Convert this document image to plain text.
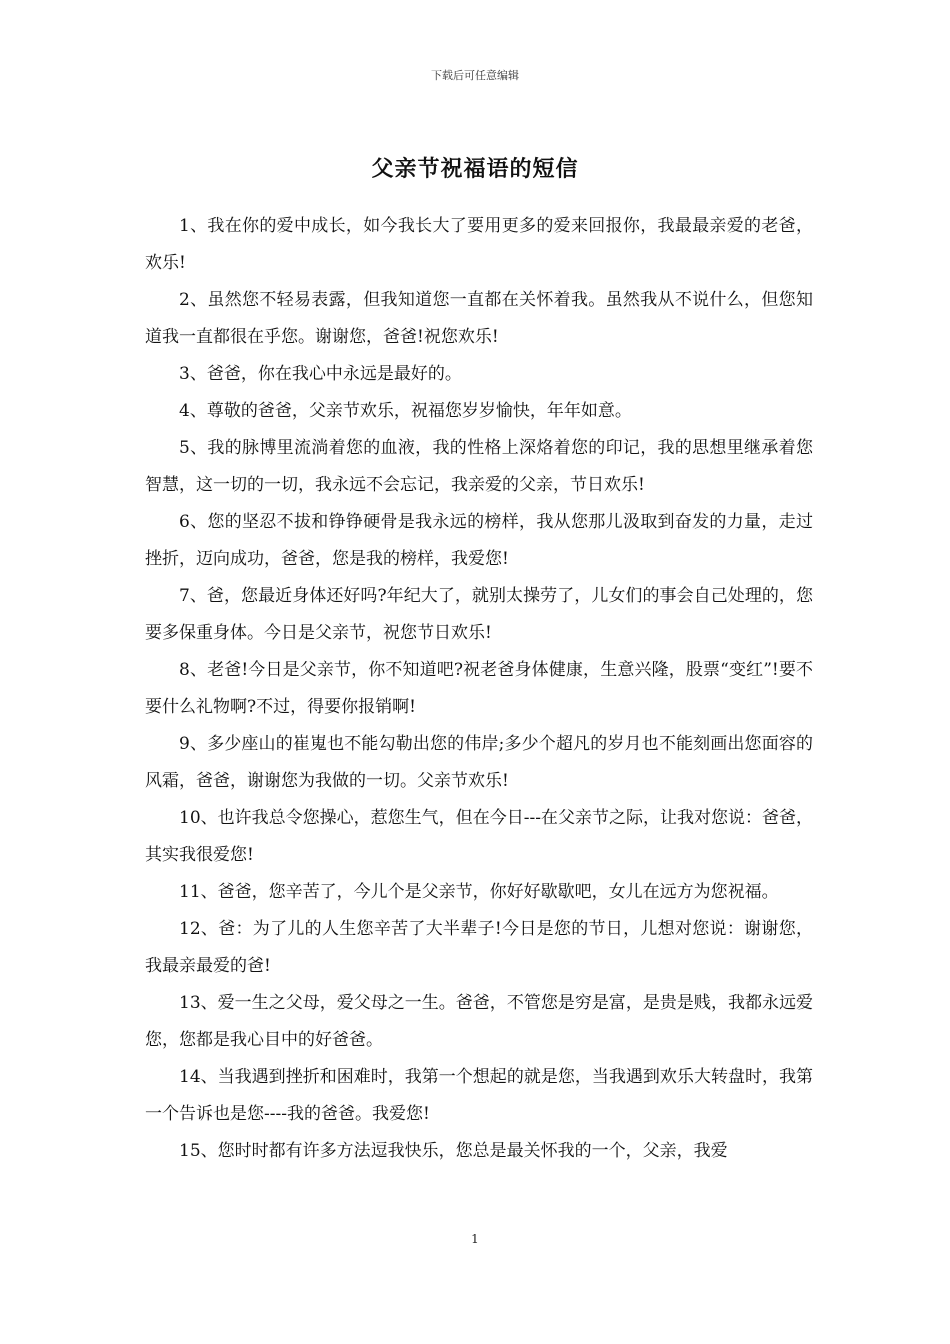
下载后可任意编辑
父亲节祝福语的短信

1、我在你的爱中成长，如今我长大了要用更多的爱来回报你，我最最亲爱的老爸，欢乐!

2、虽然您不轻易表露，但我知道您一直都在关怀着我。虽然我从不说什么，但您知道我一直都很在乎您。谢谢您，爸爸!祝您欢乐!

3、爸爸，你在我心中永远是最好的。

4、尊敬的爸爸，父亲节欢乐，祝福您岁岁愉快，年年如意。

5、我的脉博里流淌着您的血液，我的性格上深烙着您的印记，我的思想里继承着您智慧，这一切的一切，我永远不会忘记，我亲爱的父亲，节日欢乐!

6、您的坚忍不拔和铮铮硬骨是我永远的榜样，我从您那儿汲取到奋发的力量，走过挫折，迈向成功，爸爸，您是我的榜样，我爱您!

7、爸，您最近身体还好吗?年纪大了，就别太操劳了，儿女们的事会自己处理的，您要多保重身体。今日是父亲节，祝您节日欢乐!

8、老爸!今日是父亲节，你不知道吧?祝老爸身体健康，生意兴隆，股票“变红”!要不要什么礼物啊?不过，得要你报销啊!

9、多少座山的崔嵬也不能勾勒出您的伟岸;多少个超凡的岁月也不能刻画出您面容的风霜，爸爸，谢谢您为我做的一切。父亲节欢乐!

10、也许我总令您操心，惹您生气，但在今日---在父亲节之际，让我对您说：爸爸，其实我很爱您!

11、爸爸，您辛苦了，今儿个是父亲节，你好好歇歇吧，女儿在远方为您祝福。

12、爸：为了儿的人生您辛苦了大半辈子!今日是您的节日，儿想对您说：谢谢您，我最亲最爱的爸!

13、爱一生之父母，爱父母之一生。爸爸，不管您是穷是富，是贵是贱，我都永远爱您，您都是我心目中的好爸爸。

14、当我遇到挫折和困难时，我第一个想起的就是您，当我遇到欢乐大转盘时，我第一个告诉也是您----我的爸爸。我爱您!

15、您时时都有许多方法逗我快乐，您总是最关怀我的一个，父亲，我爱

1
